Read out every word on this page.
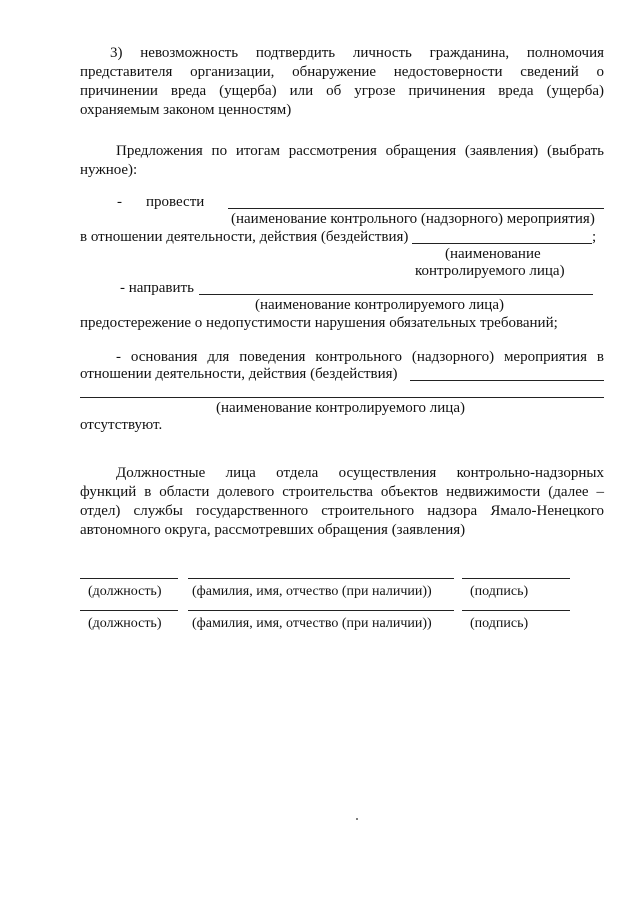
3) невозможность подтвердить личность гражданина, полномочия
представителя организации, обнаружение недостоверности сведений о
причинении вреда (ущерба) или об угрозе причинения вреда (ущерба)
охраняемым законом ценностям)
Предложения по итогам рассмотрения обращения (заявления) (выбрать
нужное):
- провести
(наименование контрольного (надзорного) мероприятия)
в отношении деятельности, действия (бездействия)	;
(наименование
контролируемого лица)
- направить
(наименование контролируемого лица)
предостережение о недопустимости нарушения обязательных требований;
- основания для поведения контрольного (надзорного) мероприятия в
отношении деятельности, действия (бездействия)
(наименование контролируемого лица)
отсутствуют.
Должностные лица отдела осуществления контрольно-надзорных
функций в области долевого строительства объектов недвижимости (далее –
отдел) службы государственного строительного надзора Ямало-Ненецкого
автономного округа, рассмотревших обращения (заявления)
(должность) (фамилия, имя, отчество (при наличии))	(подпись)
(должность) (фамилия, имя, отчество (при наличии))	(подпись)
